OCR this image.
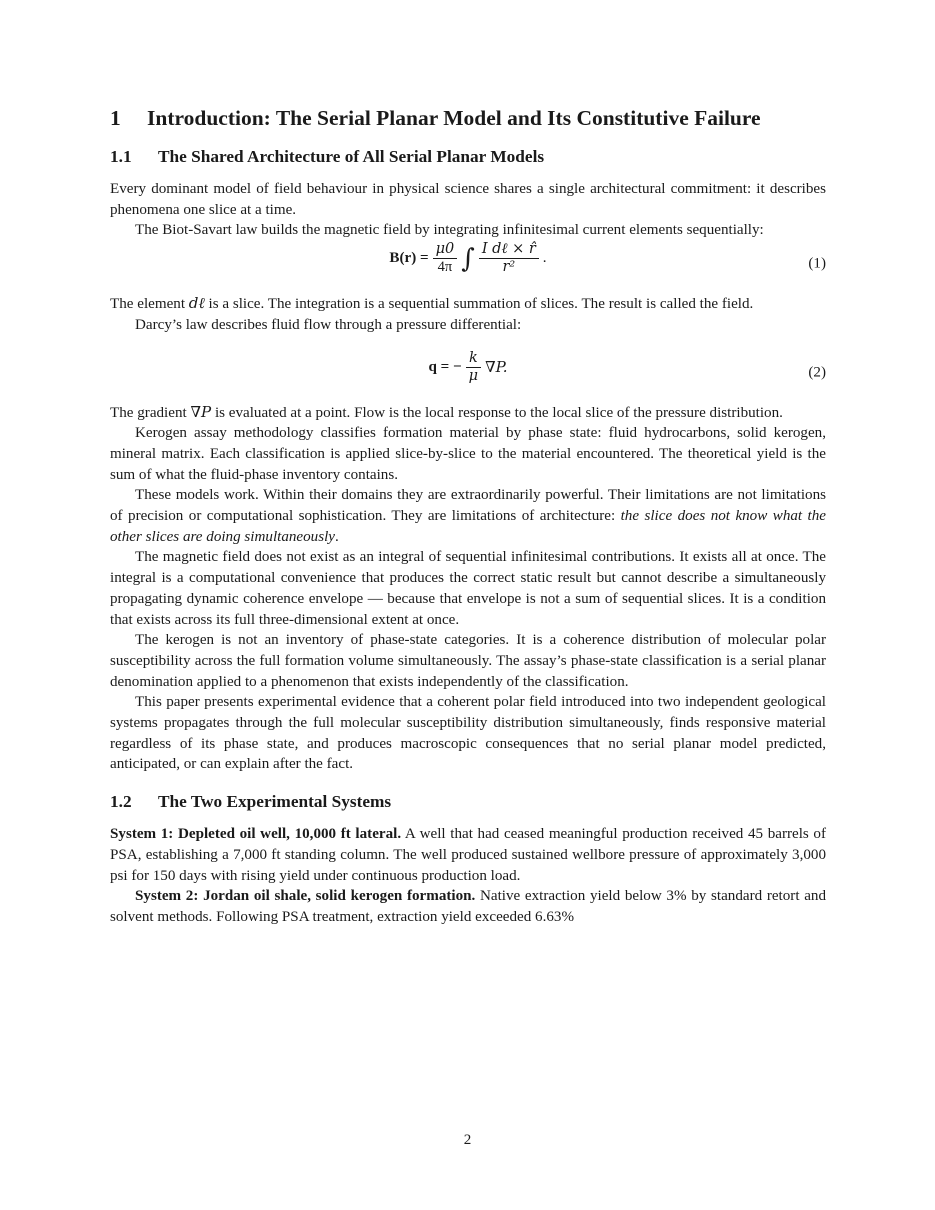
1	Introduction: The Serial Planar Model and Its Constitutive Failure
1.1	The Shared Architecture of All Serial Planar Models

Every dominant model of field behaviour in physical science shares a single architectural commitment: it describes phenomena one slice at a time.

The Biot-Savart law builds the magnetic field by integrating infinitesimal current elements sequentially:

$B(r) = \frac{\mu 0}{4\pi}$ ∫ $\frac{\text{I dℓ × r̂}}{\text{r²}}$ .	(1)

The element dℓ is a slice. The integration is a sequential summation of slices. The result is called the field.

Darcy’s law describes fluid flow through a pressure differential:

q = − $\frac{k}{\mu} \nabla P$.	(2)

The gradient ∇P is evaluated at a point. Flow is the local response to the local slice of the pressure distribution.

Kerogen assay methodology classifies formation material by phase state: fluid hydrocarbons, solid kerogen, mineral matrix. Each classification is applied slice-by-slice to the material encountered. The theoretical yield is the sum of what the fluid-phase inventory contains.

These models work. Within their domains they are extraordinarily powerful. Their limitations are not limitations of precision or computational sophistication. They are limitations of architecture: the slice does not know what the other slices are doing simultaneously.

The magnetic field does not exist as an integral of sequential infinitesimal contributions. It exists all at once. The integral is a computational convenience that produces the correct static result but cannot describe a simultaneously propagating dynamic coherence envelope — because that envelope is not a sum of sequential slices. It is a condition that exists across its full three-dimensional extent at once.

The kerogen is not an inventory of phase-state categories. It is a coherence distribution of molecular polar susceptibility across the full formation volume simultaneously. The assay’s phase-state classification is a serial planar denomination applied to a phenomenon that exists independently of the classification.

This paper presents experimental evidence that a coherent polar field introduced into two independent geological systems propagates through the full molecular susceptibility distribution simultaneously, finds responsive material regardless of its phase state, and produces macroscopic consequences that no serial planar model predicted, anticipated, or can explain after the fact.

1.2	The Two Experimental Systems

System 1: Depleted oil well, 10,000 ft lateral. A well that had ceased meaningful production received 45 barrels of PSA, establishing a 7,000 ft standing column. The well produced sustained wellbore pressure of approximately 3,000 psi for 150 days with rising yield under continuous production load.

System 2: Jordan oil shale, solid kerogen formation. Native extraction yield below 3% by standard retort and solvent methods. Following PSA treatment, extraction yield exceeded 6.63%

2
